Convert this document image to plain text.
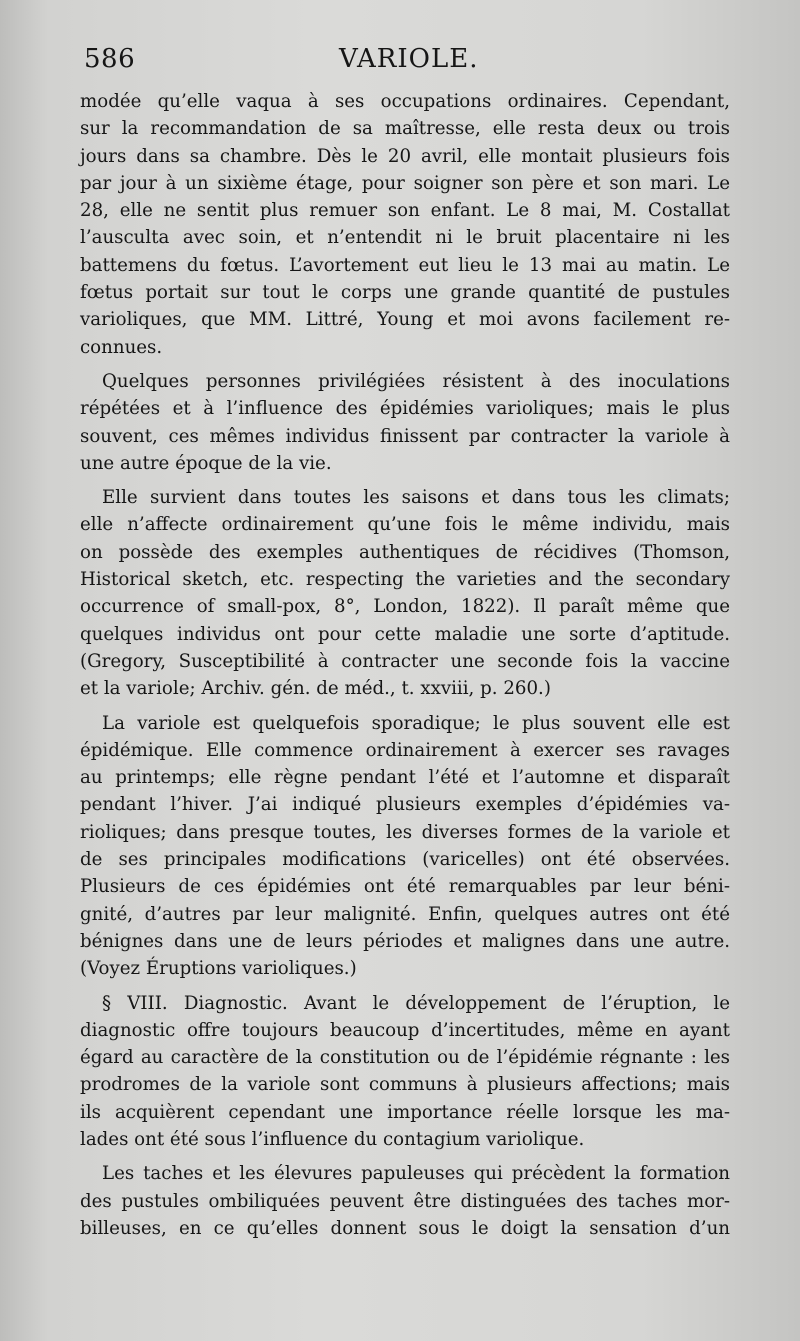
586	VARIOLE.
modée qu’elle vaqua à ses occupations ordinaires. Cependant,
sur la recommandation de sa maîtresse, elle resta deux ou trois
jours dans sa chambre. Dès le 20 avril, elle montait plusieurs fois
par jour à un sixième étage, pour soigner son père et son mari. Le
28, elle ne sentit plus remuer son enfant. Le 8 mai, M. Costallat
l’ausculta avec soin, et n’entendit ni le bruit placentaire ni les
battemens du fœtus. L’avortement eut lieu le 13 mai au matin. Le
fœtus portait sur tout le corps une grande quantité de pustules
varioliques, que MM. Littré, Young et moi avons facilement re-
connues.
Quelques personnes privilégiées résistent à des inoculations
répétées et à l’influence des épidémies varioliques; mais le plus
souvent, ces mêmes individus finissent par contracter la variole à
une autre époque de la vie.
Elle survient dans toutes les saisons et dans tous les climats;
elle n’affecte ordinairement qu’une fois le même individu, mais
on possède des exemples authentiques de récidives (Thomson,
Historical sketch, etc. respecting the varieties and the secondary
occurrence of small-pox, 8°, London, 1822). Il paraît même que
quelques individus ont pour cette maladie une sorte d’aptitude.
(Gregory, Susceptibilité à contracter une seconde fois la vaccine
et la variole; Archiv. gén. de méd., t. xxviii, p. 260.)
La variole est quelquefois sporadique; le plus souvent elle est
épidémique. Elle commence ordinairement à exercer ses ravages
au printemps; elle règne pendant l’été et l’automne et disparaît
pendant l’hiver. J’ai indiqué plusieurs exemples d’épidémies va-
rioliques; dans presque toutes, les diverses formes de la variole et
de ses principales modifications (varicelles) ont été observées.
Plusieurs de ces épidémies ont été remarquables par leur béni-
gnité, d’autres par leur malignité. Enfin, quelques autres ont été
bénignes dans une de leurs périodes et malignes dans une autre.
(Voyez Éruptions varioliques.)
§ VIII. Diagnostic. Avant le développement de l’éruption, le
diagnostic offre toujours beaucoup d’incertitudes, même en ayant
égard au caractère de la constitution ou de l’épidémie régnante : les
prodromes de la variole sont communs à plusieurs affections; mais
ils acquièrent cependant une importance réelle lorsque les ma-
lades ont été sous l’influence du contagium variolique.
Les taches et les élevures papuleuses qui précèdent la formation
des pustules ombiliquées peuvent être distinguées des taches mor-
billeuses, en ce qu’elles donnent sous le doigt la sensation d’un
